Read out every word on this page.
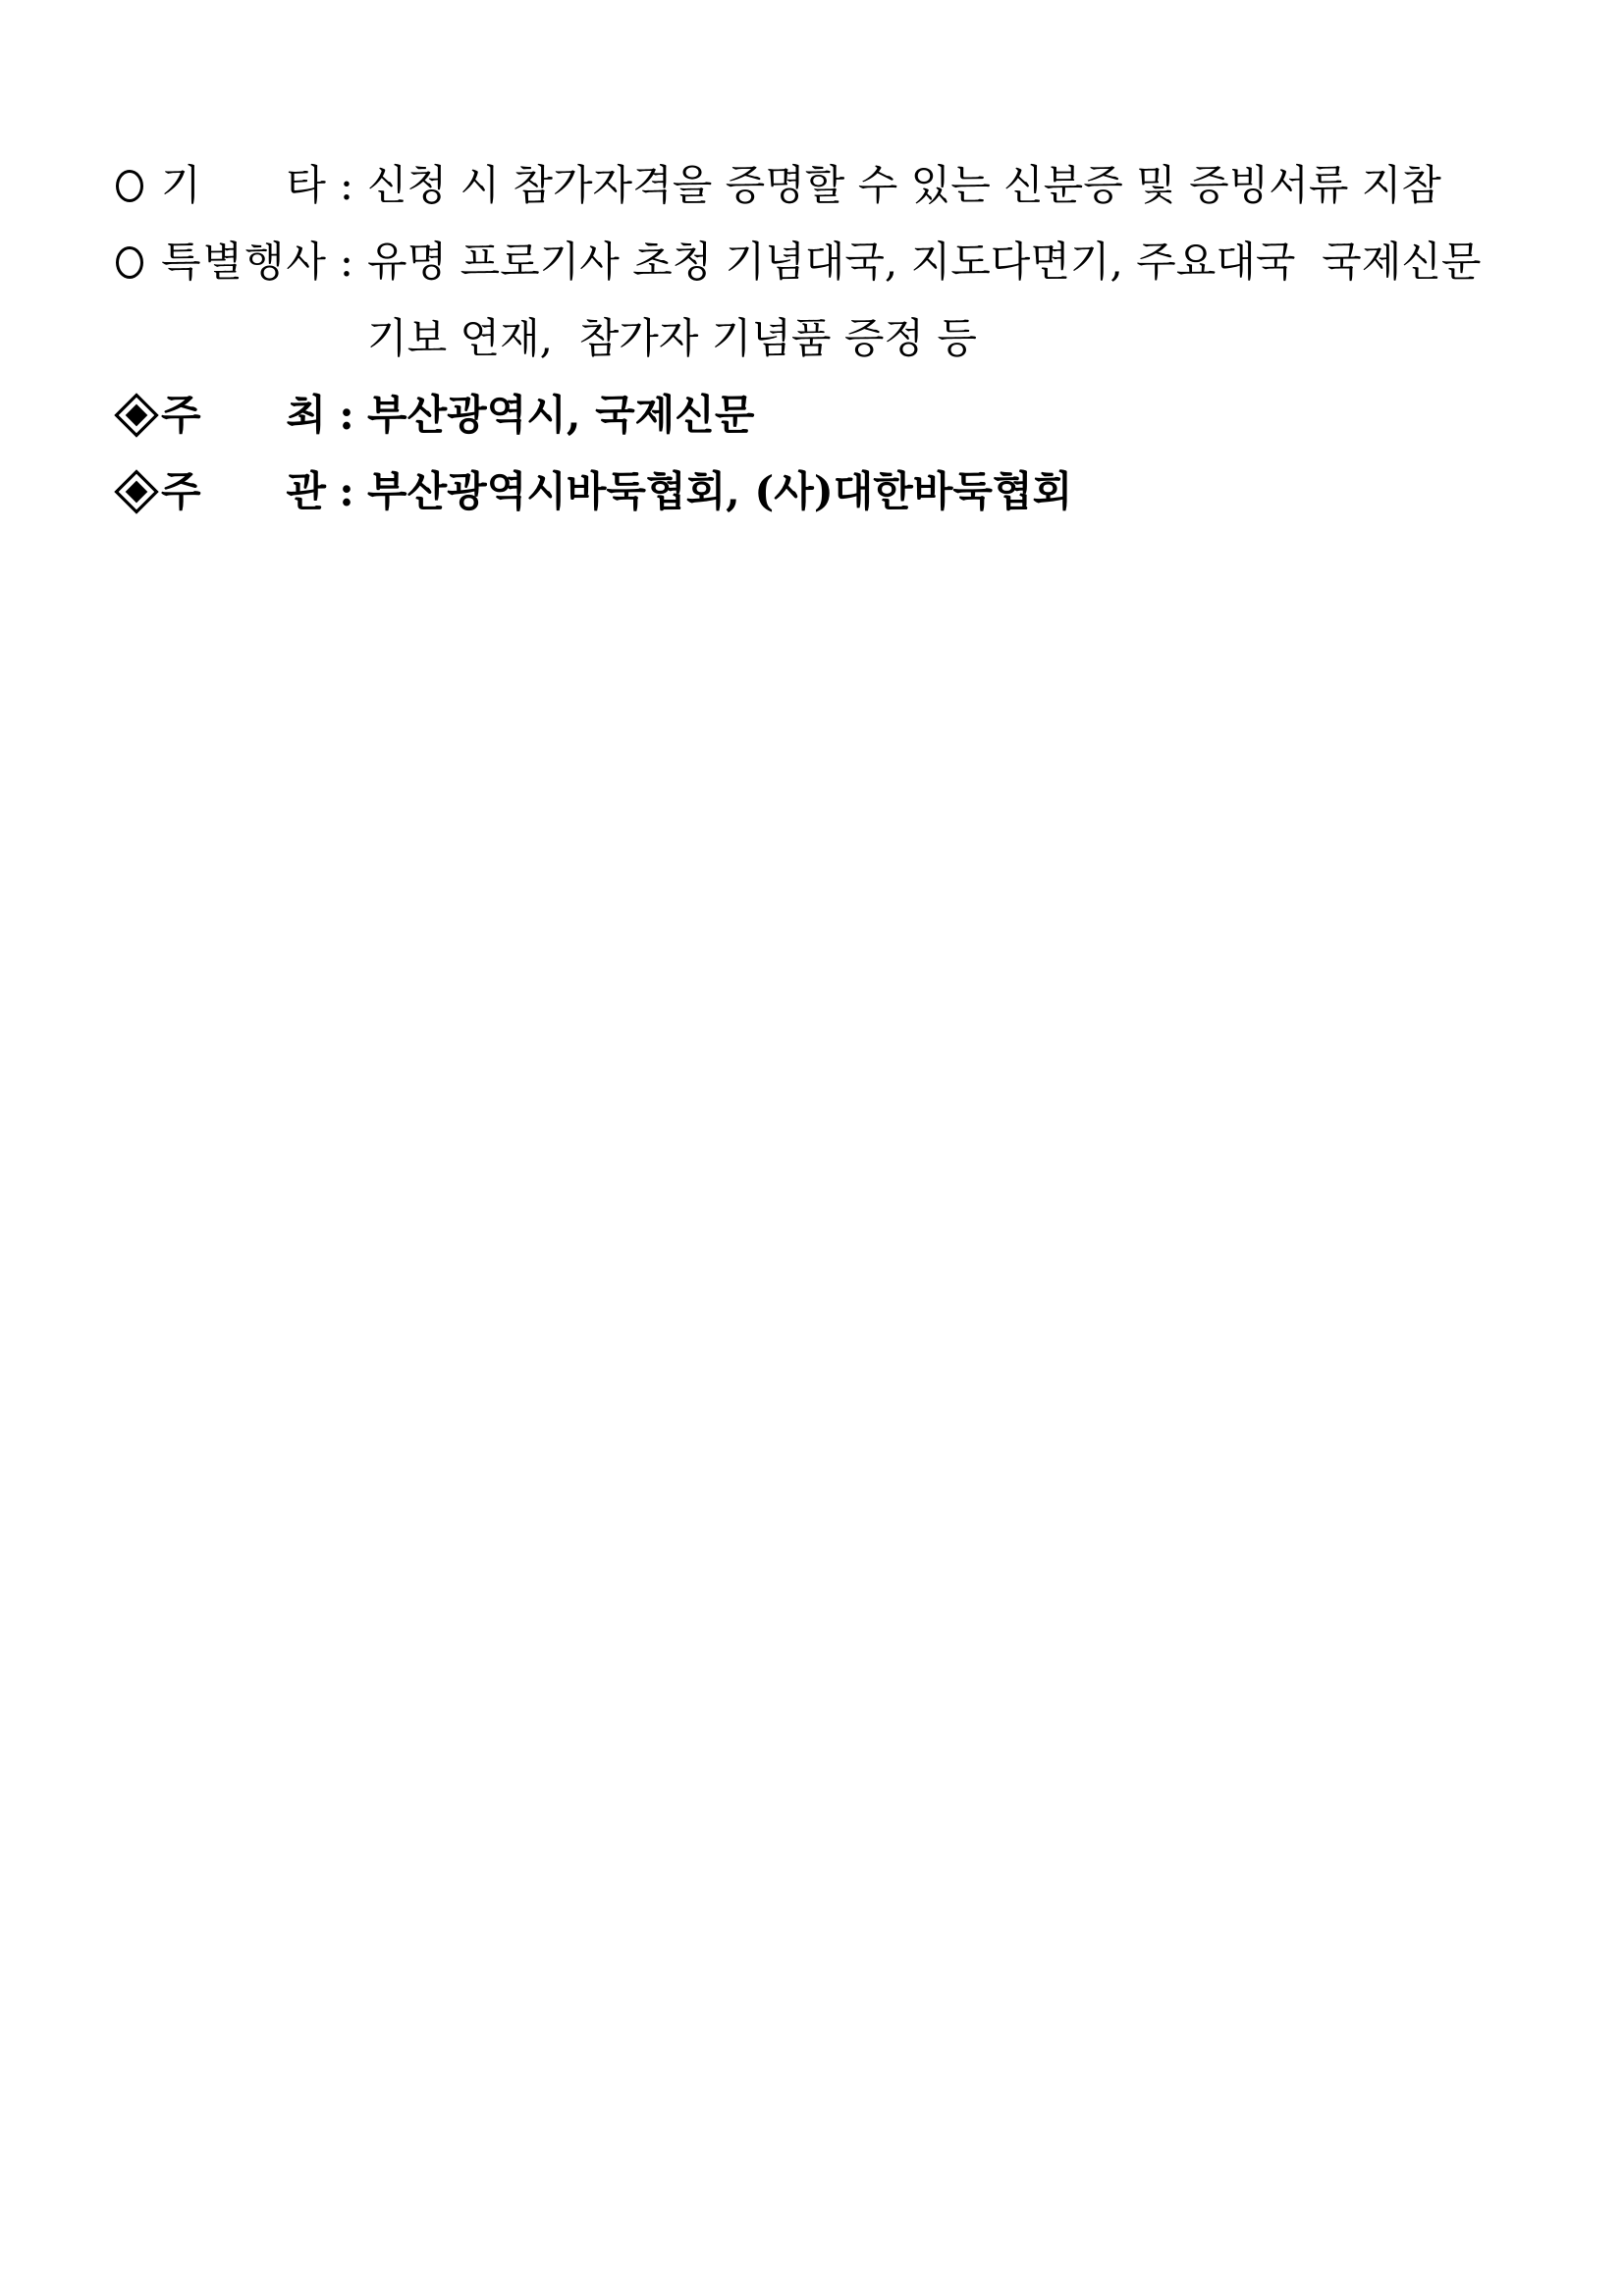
기 타 : 신청 시 참가자격을 증명할 수 있는 신분증 및 증빙서류 지참
특 별 행 사 : 유명 프로기사 초청 기념대국, 지도다면기, 주요대국  국제신문
기보 연재,  참가자 기념품 증정 등
주 최 : 부산광역시, 국제신문
주 관 : 부산광역시바둑협회, (사)대한바둑협회
